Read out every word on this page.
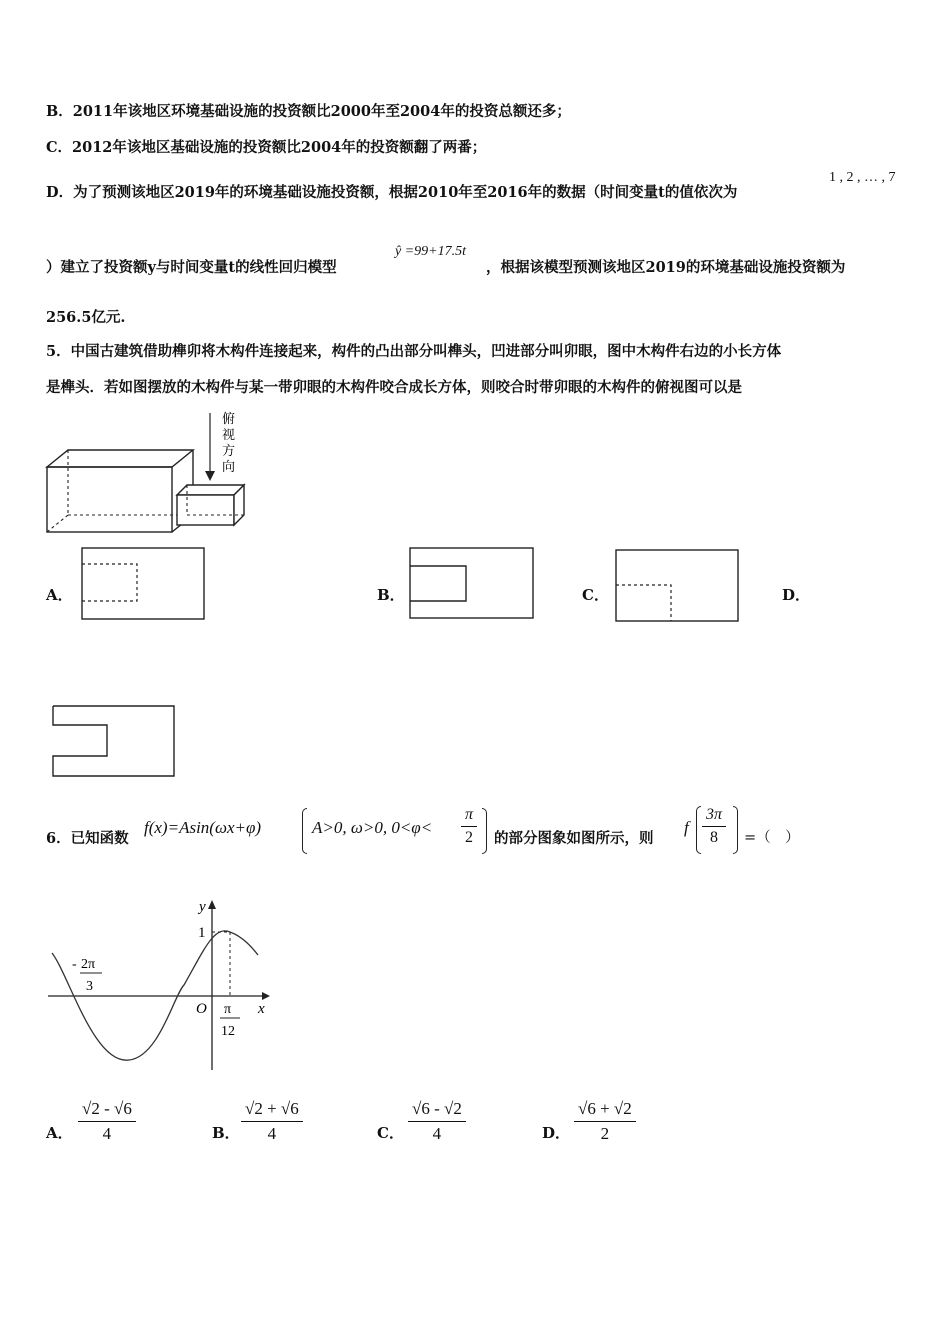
B．2011年该地区环境基础设施的投资额比2000年至2004年的投资总额还多；
C．2012年该地区基础设施的投资额比2004年的投资额翻了两番；
D．为了预测该地区2019年的环境基础设施投资额，根据2010年至2016年的数据（时间变量t的值依次为
1 , 2 , … , 7
）建立了投资额y与时间变量t的线性回归模型
ŷ =99+17.5t
，根据该模型预测该地区2019的环境基础设施投资额为
256.5亿元.
5．中国古建筑借助榫卯将木构件连接起来，构件的凸出部分叫榫头，凹进部分叫卯眼，图中木构件右边的小长方体
是榫头．若如图摆放的木构件与某一带卯眼的木构件咬合成长方体，则咬合时带卯眼的木构件的俯视图可以是
俯
视
方
向
A．	B．	C．	D．
6．已知函数
f(x)=Asin(ωx+φ)	A>0, ω>0, $0<\varphi< \frac{\pi}{2}$ 的部分图象如图所示，则
f $\frac{3\pi}{8}$ =（　）
y
x
O
1
- 2π
3
π
12
A． $\frac{√2 - √6}{4}$	B． $\frac{√2 + √6}{4}$	C． $\frac{√6 - √2}{4}$	D． $\frac{√6 + √2}{2}$
